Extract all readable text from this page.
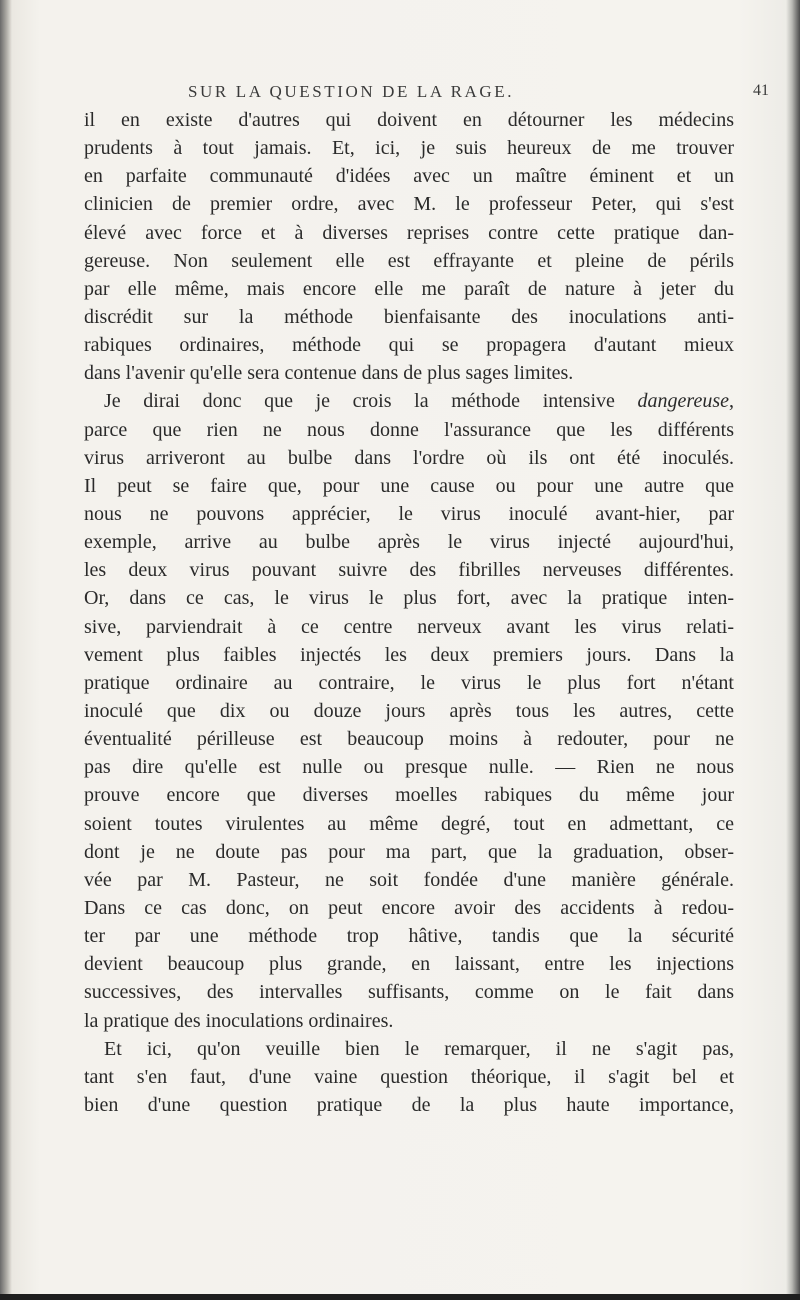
SUR LA QUESTION DE LA RAGE.	41
il en existe d'autres qui doivent en détourner les médecins
prudents à tout jamais. Et, ici, je suis heureux de me trouver
en parfaite communauté d'idées avec un maître éminent et un
clinicien de premier ordre, avec M. le professeur Peter, qui s'est
élevé avec force et à diverses reprises contre cette pratique dan-
gereuse. Non seulement elle est effrayante et pleine de périls
par elle même, mais encore elle me paraît de nature à jeter du
discrédit sur la méthode bienfaisante des inoculations anti-
rabiques ordinaires, méthode qui se propagera d'autant mieux
dans l'avenir qu'elle sera contenue dans de plus sages limites.
Je dirai donc que je crois la méthode intensive dangereuse,
parce que rien ne nous donne l'assurance que les différents
virus arriveront au bulbe dans l'ordre où ils ont été inoculés.
Il peut se faire que, pour une cause ou pour une autre que
nous ne pouvons apprécier, le virus inoculé avant-hier, par
exemple, arrive au bulbe après le virus injecté aujourd'hui,
les deux virus pouvant suivre des fibrilles nerveuses différentes.
Or, dans ce cas, le virus le plus fort, avec la pratique inten-
sive, parviendrait à ce centre nerveux avant les virus relati-
vement plus faibles injectés les deux premiers jours. Dans la
pratique ordinaire au contraire, le virus le plus fort n'étant
inoculé que dix ou douze jours après tous les autres, cette
éventualité périlleuse est beaucoup moins à redouter, pour ne
pas dire qu'elle est nulle ou presque nulle. — Rien ne nous
prouve encore que diverses moelles rabiques du même jour
soient toutes virulentes au même degré, tout en admettant, ce
dont je ne doute pas pour ma part, que la graduation, obser-
vée par M. Pasteur, ne soit fondée d'une manière générale.
Dans ce cas donc, on peut encore avoir des accidents à redou-
ter par une méthode trop hâtive, tandis que la sécurité
devient beaucoup plus grande, en laissant, entre les injections
successives, des intervalles suffisants, comme on le fait dans
la pratique des inoculations ordinaires.
Et ici, qu'on veuille bien le remarquer, il ne s'agit pas,
tant s'en faut, d'une vaine question théorique, il s'agit bel et
bien d'une question pratique de la plus haute importance,
